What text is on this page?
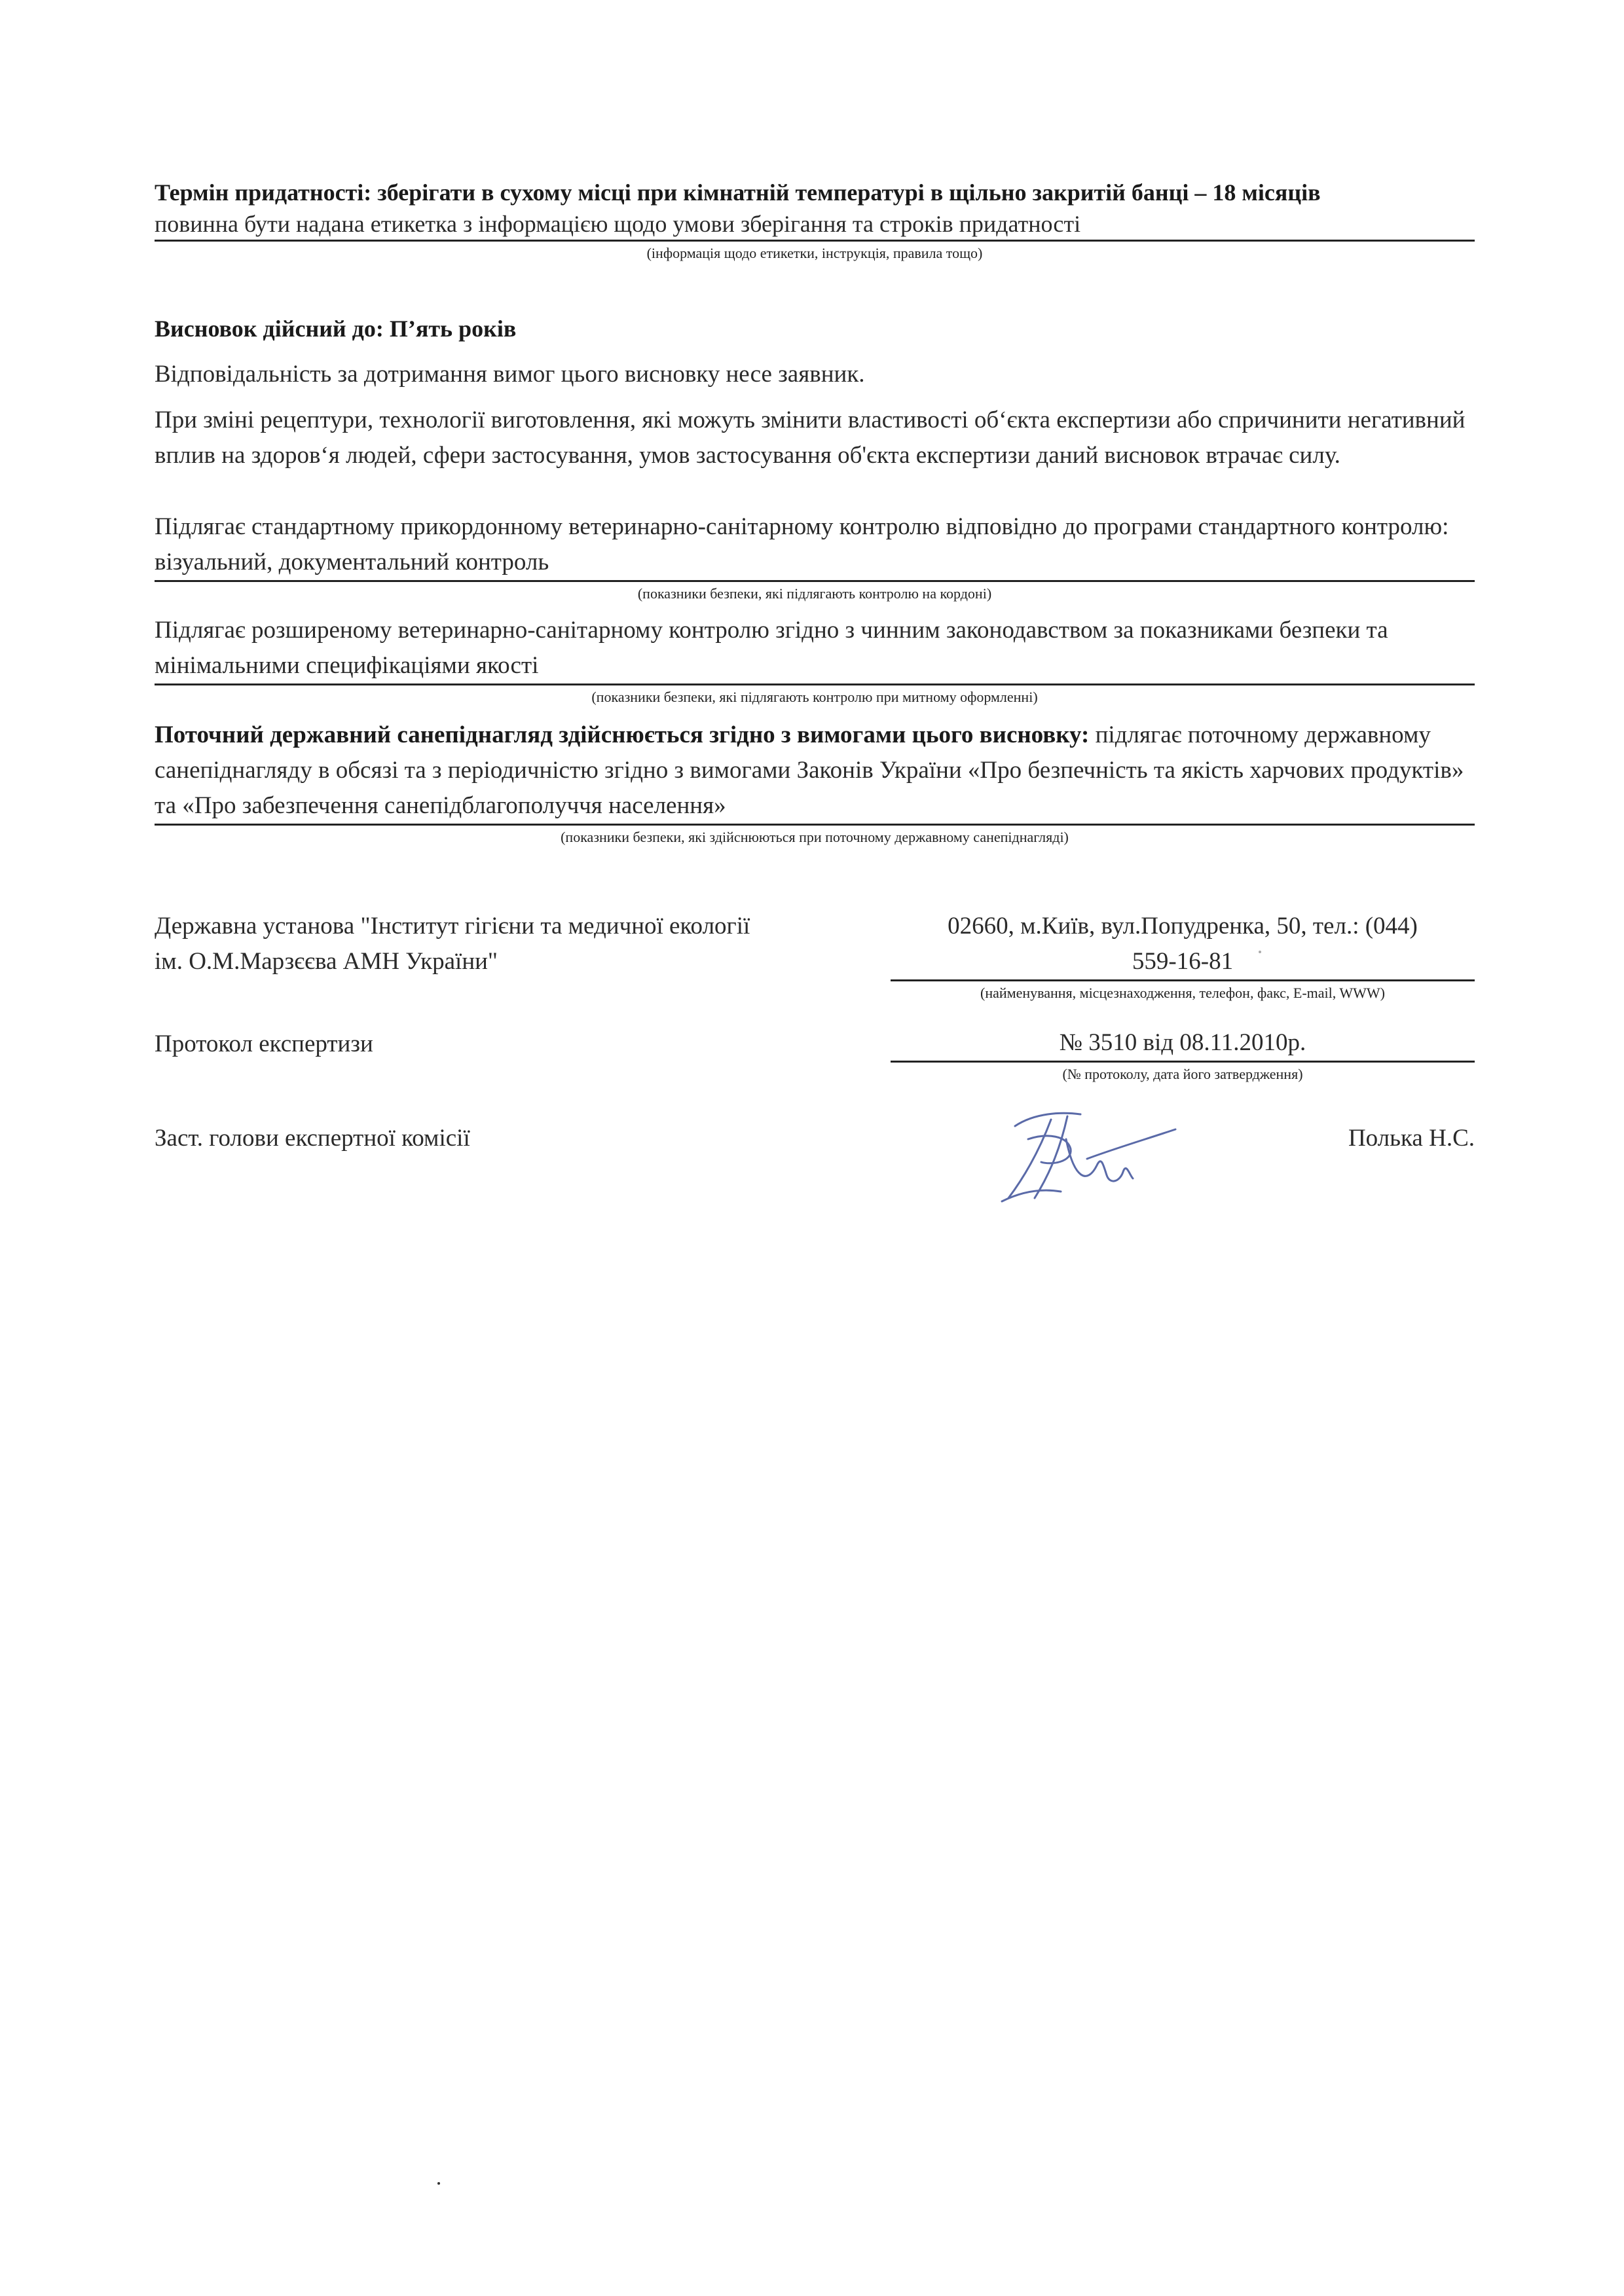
Термін придатності: зберігати в сухому місці при кімнатній температурі в щільно закритій банці – 18 місяців

повинна бути надана етикетка з інформацією щодо умови зберігання та строків придатності

(інформація щодо етикетки, інструкція, правила тощо)

Висновок дійсний до: П’ять років

Відповідальність за дотримання вимог цього висновку несе заявник.

При зміні рецептури, технології виготовлення, які можуть змінити властивості об‘єкта експертизи або спричинити негативний вплив на здоров‘я людей, сфери застосування, умов застосування об'єкта експертизи даний висновок втрачає силу.

Підлягає стандартному прикордонному ветеринарно-санітарному контролю відповідно до програми стандартного контролю: візуальний, документальний контроль

(показники безпеки, які підлягають контролю на кордоні)

Підлягає розширеному ветеринарно-санітарному контролю згідно з чинним законодавством за показниками безпеки та мінімальними специфікаціями якості

(показники безпеки, які підлягають контролю при митному оформленні)

Поточний державний санепіднагляд здійснюється згідно з вимогами цього висновку: підлягає поточному державному санепіднагляду в обсязі та з періодичністю згідно з вимогами Законів України «Про безпечність та якість харчових продуктів» та «Про забезпечення санепідблагополуччя населення»

(показники безпеки, які здійснюються при поточному державному санепіднагляді)

Державна установа "Інститут гігієни та медичної екології ім. О.М.Марзєєва АМН України"

02660, м.Київ, вул.Попудренка, 50, тел.: (044)

559-16-81

(найменування, місцезнаходження, телефон, факс, E-mail, WWW)

Протокол експертизи	№ 3510 від 08.11.2010р.

(№ протоколу, дата його затвердження)

Заст. голови експертної комісії	Полька Н.С.
